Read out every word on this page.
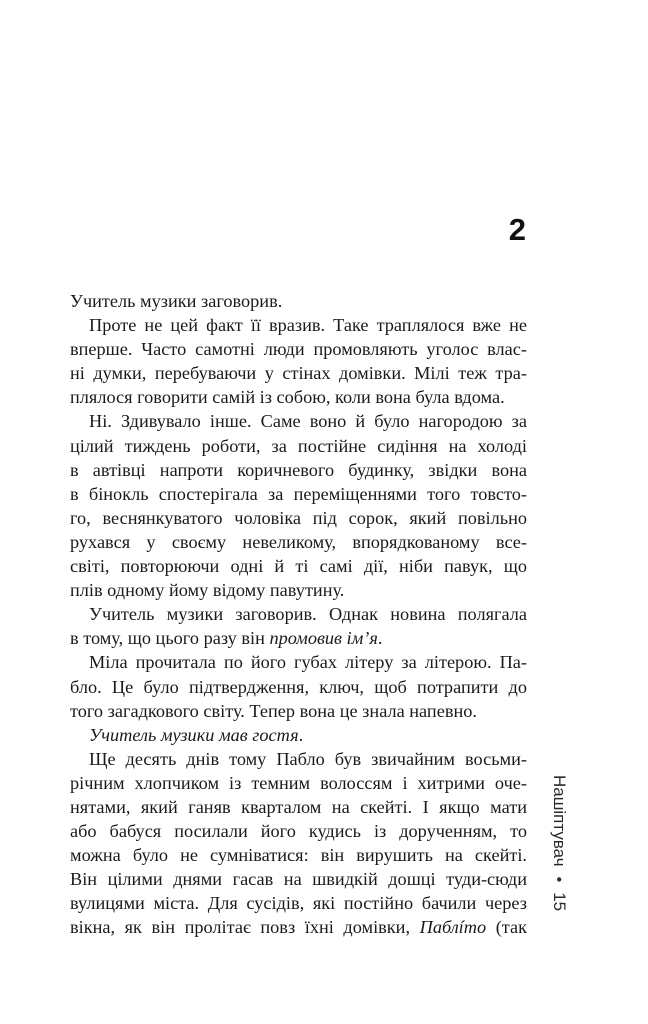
2

Учитель музики заговорив.

Проте не цей факт її вразив. Таке траплялося вже не

вперше. Часто самотні люди промовляють уголос влас-

ні думки, перебуваючи у стінах домівки. Мілі теж тра-

плялося говорити самій із собою, коли вона була вдома.

Ні. Здивувало інше. Саме воно й було нагородою за

цілий тиждень роботи, за постійне сидіння на холоді

в автівці напроти коричневого будинку, звідки вона

в бінокль спостерігала за переміщеннями того товсто-

го, веснянкуватого чоловіка під сорок, який повільно

рухався у своєму невеликому, впорядкованому все-

світі, повторюючи одні й ті самі дії, ніби павук, що

плів одному йому відому павутину.

Учитель музики заговорив. Однак новина полягала

в тому, що цього разу він промовив ім’я.

Міла прочитала по його губах літеру за літерою. Па-

бло. Це було підтвердження, ключ, щоб потрапити до

того загадкового світу. Тепер вона це знала напевно.

Учитель музики мав гостя.

Ще десять днів тому Пабло був звичайним восьми-

річним хлопчиком із темним волоссям і хитрими оче-

нятами, який ганяв кварталом на скейті. І якщо мати

або бабуся посилали його кудись із дорученням, то

можна було не сумніватися: він вирушить на скейті.

Він цілими днями гасав на швидкій дошці туди-сюди

вулицями міста. Для сусідів, які постійно бачили через

вікна, як він пролітає повз їхні домівки, Паблíто (так

Нашіптувач•15
